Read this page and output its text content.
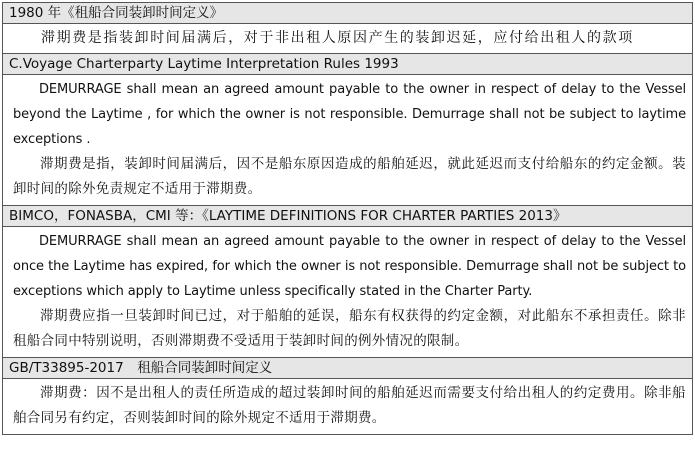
1980 年《租船合同装卸时间定义》

滞期费是指装卸时间届满后，对于非出租人原因产生的装卸迟延，应付给出租人的款项

C.Voyage Charterparty Laytime Interpretation Rules 1993

DEMURRAGE shall mean an agreed amount payable to the owner in respect of delay to the Vessel beyond the Laytime , for which the owner is not responsible. Demurrage shall not be subject to laytime exceptions .

滞期费是指，装卸时间届满后，因不是船东原因造成的船舶延迟，就此延迟而支付给船东的约定金额。装卸时间的除外免责规定不适用于滞期费。

BIMCO，FONASBA，CMI 等：《LAYTIME DEFINITIONS FOR CHARTER PARTIES 2013》

DEMURRAGE shall mean an agreed amount payable to the owner in respect of delay to the Vessel once the Laytime has expired, for which the owner is not responsible. Demurrage shall not be subject to exceptions which apply to Laytime unless specifically stated in the Charter Party.

滞期费应指一旦装卸时间已过，对于船舶的延误，船东有权获得的约定金额，对此船东不承担责任。除非租船合同中特别说明，否则滞期费不受适用于装卸时间的例外情况的限制。

GB/T33895-2017　租船合同装卸时间定义

滞期费：因不是出租人的责任所造成的超过装卸时间的船舶延迟而需要支付给出租人的约定费用。除非船舶合同另有约定，否则装卸时间的除外规定不适用于滞期费。
